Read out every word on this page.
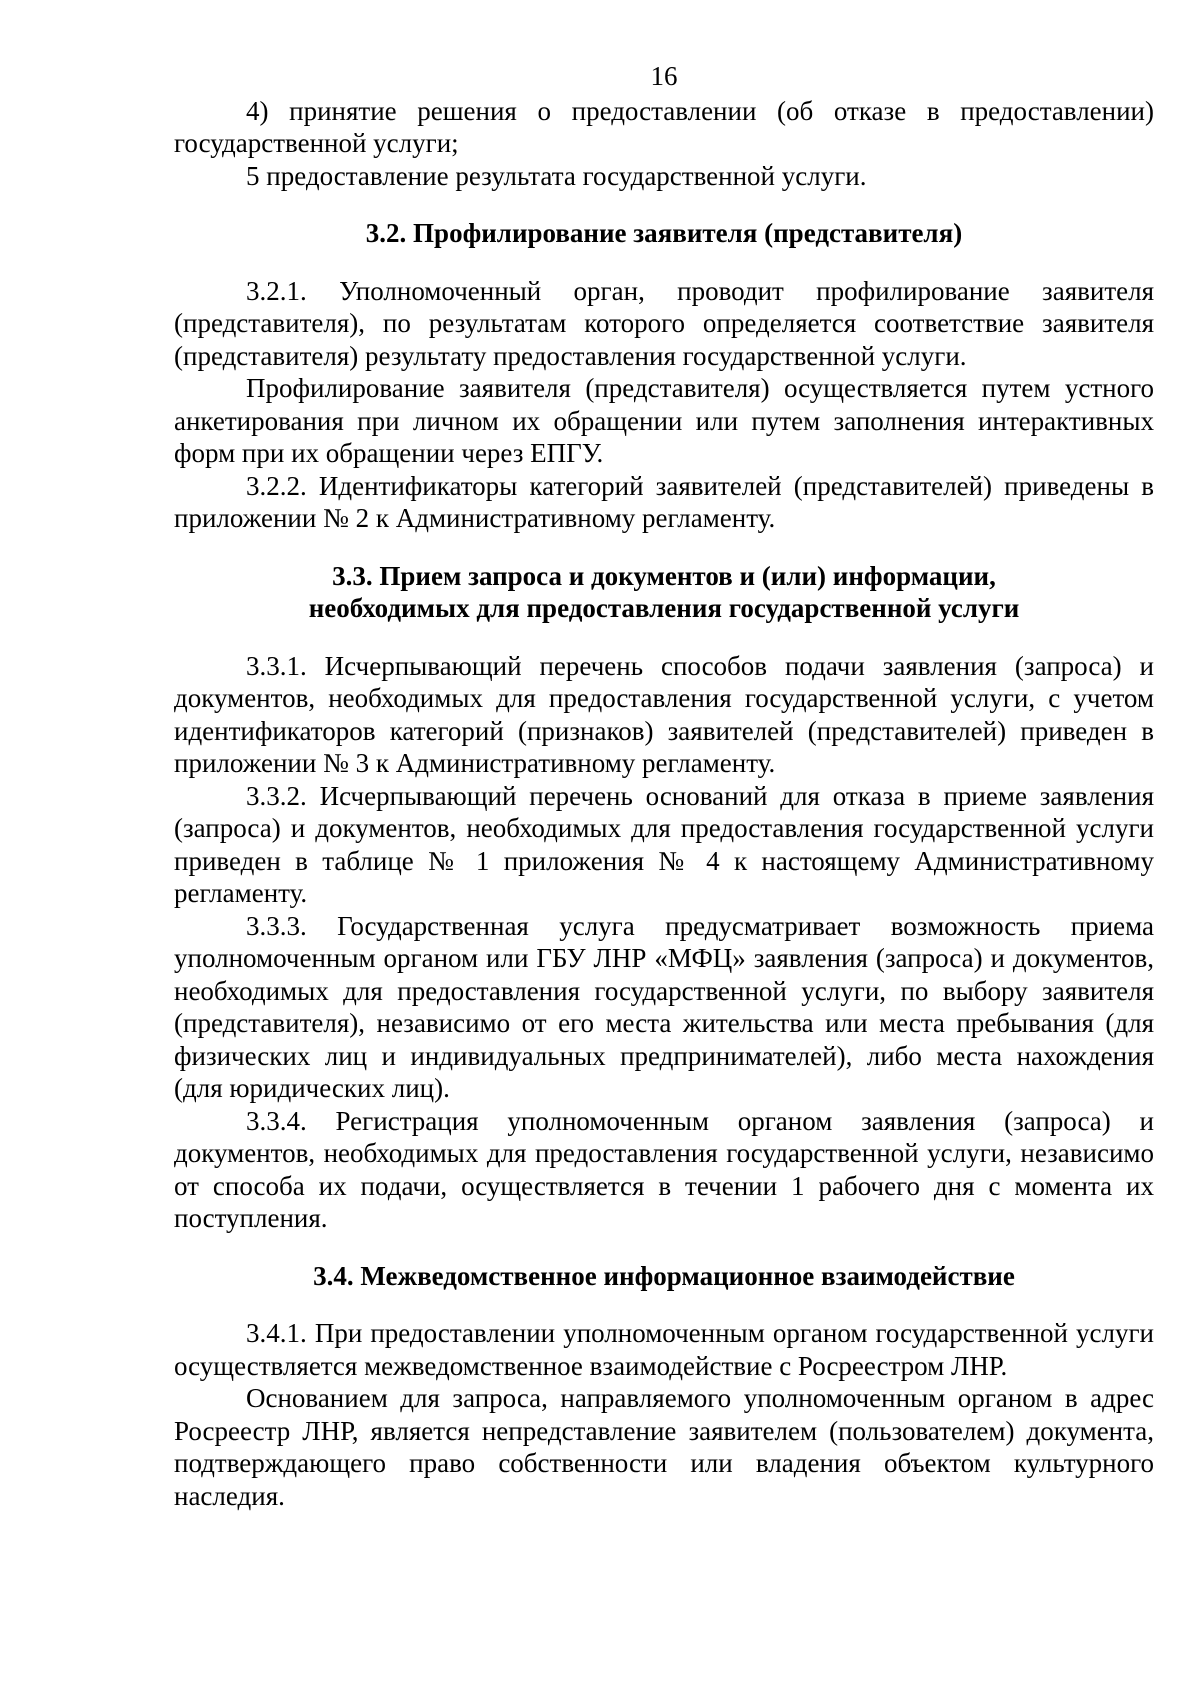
16

4) принятие решения о предоставлении (об отказе в предоставлении) государственной услуги;

5 предоставление результата государственной услуги.

3.2. Профилирование заявителя (представителя)

3.2.1. Уполномоченный орган, проводит профилирование заявителя (представителя), по результатам которого определяется соответствие заявителя (представителя) результату предоставления государственной услуги.

Профилирование заявителя (представителя) осуществляется путем устного анкетирования при личном их обращении или путем заполнения интерактивных форм при их обращении через ЕПГУ.

3.2.2. Идентификаторы категорий заявителей (представителей) приведены в приложении № 2 к Административному регламенту.

3.3. Прием запроса и документов и (или) информации,
необходимых для предоставления государственной услуги

3.3.1. Исчерпывающий перечень способов подачи заявления (запроса) и документов, необходимых для предоставления государственной услуги, с учетом идентификаторов категорий (признаков) заявителей (представителей) приведен в приложении № 3 к Административному регламенту.

3.3.2. Исчерпывающий перечень оснований для отказа в приеме заявления (запроса) и документов, необходимых для предоставления государственной услуги приведен в таблице № 1 приложения № 4 к настоящему Административному регламенту.

3.3.3. Государственная услуга предусматривает возможность приема уполномоченным органом или ГБУ ЛНР «МФЦ» заявления (запроса) и документов, необходимых для предоставления государственной услуги, по выбору заявителя (представителя), независимо от его места жительства или места пребывания (для физических лиц и индивидуальных предпринимателей), либо места нахождения (для юридических лиц).

3.3.4. Регистрация уполномоченным органом заявления (запроса) и документов, необходимых для предоставления государственной услуги, независимо от способа их подачи, осуществляется в течении 1 рабочего дня с момента их поступления.

3.4. Межведомственное информационное взаимодействие

3.4.1. При предоставлении уполномоченным органом государственной услуги осуществляется межведомственное взаимодействие с Росреестром ЛНР.

Основанием для запроса, направляемого уполномоченным органом в адрес Росреестр ЛНР, является непредставление заявителем (пользователем) документа, подтверждающего право собственности или владения объектом культурного наследия.
